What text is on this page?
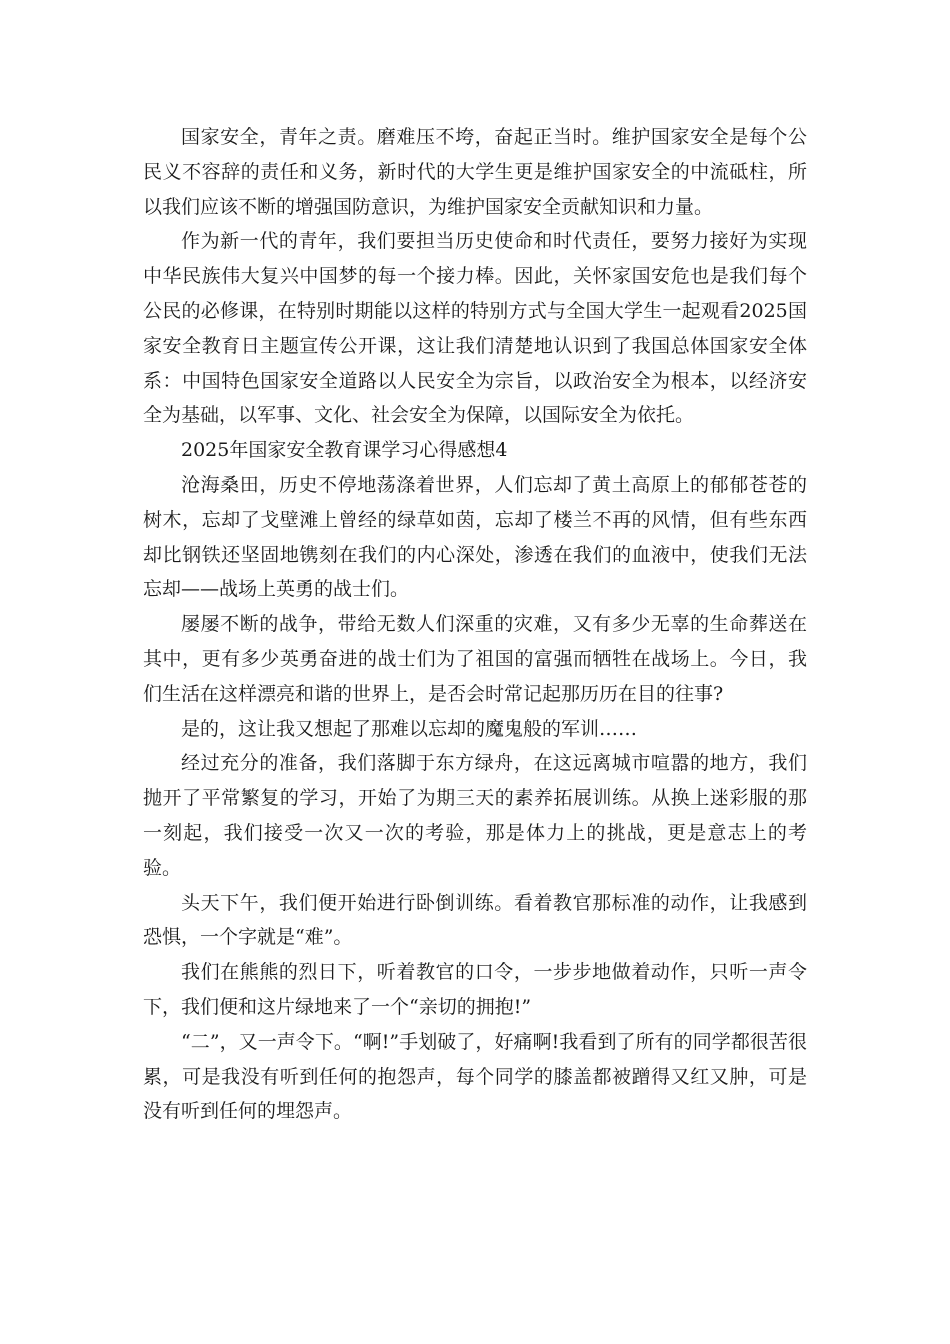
国家安全，青年之责。磨难压不垮，奋起正当时。维护国家安全是每个公民义不容辞的责任和义务，新时代的大学生更是维护国家安全的中流砥柱，所以我们应该不断的增强国防意识，为维护国家安全贡献知识和力量。

作为新一代的青年，我们要担当历史使命和时代责任，要努力接好为实现中华民族伟大复兴中国梦的每一个接力棒。因此，关怀家国安危也是我们每个公民的必修课，在特别时期能以这样的特别方式与全国大学生一起观看2025国家安全教育日主题宣传公开课，这让我们清楚地认识到了我国总体国家安全体系：中国特色国家安全道路以人民安全为宗旨，以政治安全为根本，以经济安全为基础，以军事、文化、社会安全为保障，以国际安全为依托。

2025年国家安全教育课学习心得感想4

沧海桑田，历史不停地荡涤着世界，人们忘却了黄土高原上的郁郁苍苍的树木，忘却了戈壁滩上曾经的绿草如茵，忘却了楼兰不再的风情，但有些东西却比钢铁还坚固地镌刻在我们的内心深处，渗透在我们的血液中，使我们无法忘却——战场上英勇的战士们。

屡屡不断的战争，带给无数人们深重的灾难，又有多少无辜的生命葬送在其中，更有多少英勇奋进的战士们为了祖国的富强而牺牲在战场上。今日，我们生活在这样漂亮和谐的世界上，是否会时常记起那历历在目的往事?

是的，这让我又想起了那难以忘却的魔鬼般的军训……

经过充分的准备，我们落脚于东方绿舟，在这远离城市喧嚣的地方，我们抛开了平常繁复的学习，开始了为期三天的素养拓展训练。从换上迷彩服的那一刻起，我们接受一次又一次的考验，那是体力上的挑战，更是意志上的考验。

头天下午，我们便开始进行卧倒训练。看着教官那标准的动作，让我感到恐惧，一个字就是“难”。

我们在熊熊的烈日下，听着教官的口令，一步步地做着动作，只听一声令下，我们便和这片绿地来了一个“亲切的拥抱!”

“二”，又一声令下。“啊!”手划破了，好痛啊!我看到了所有的同学都很苦很累，可是我没有听到任何的抱怨声，每个同学的膝盖都被蹭得又红又肿，可是没有听到任何的埋怨声。
